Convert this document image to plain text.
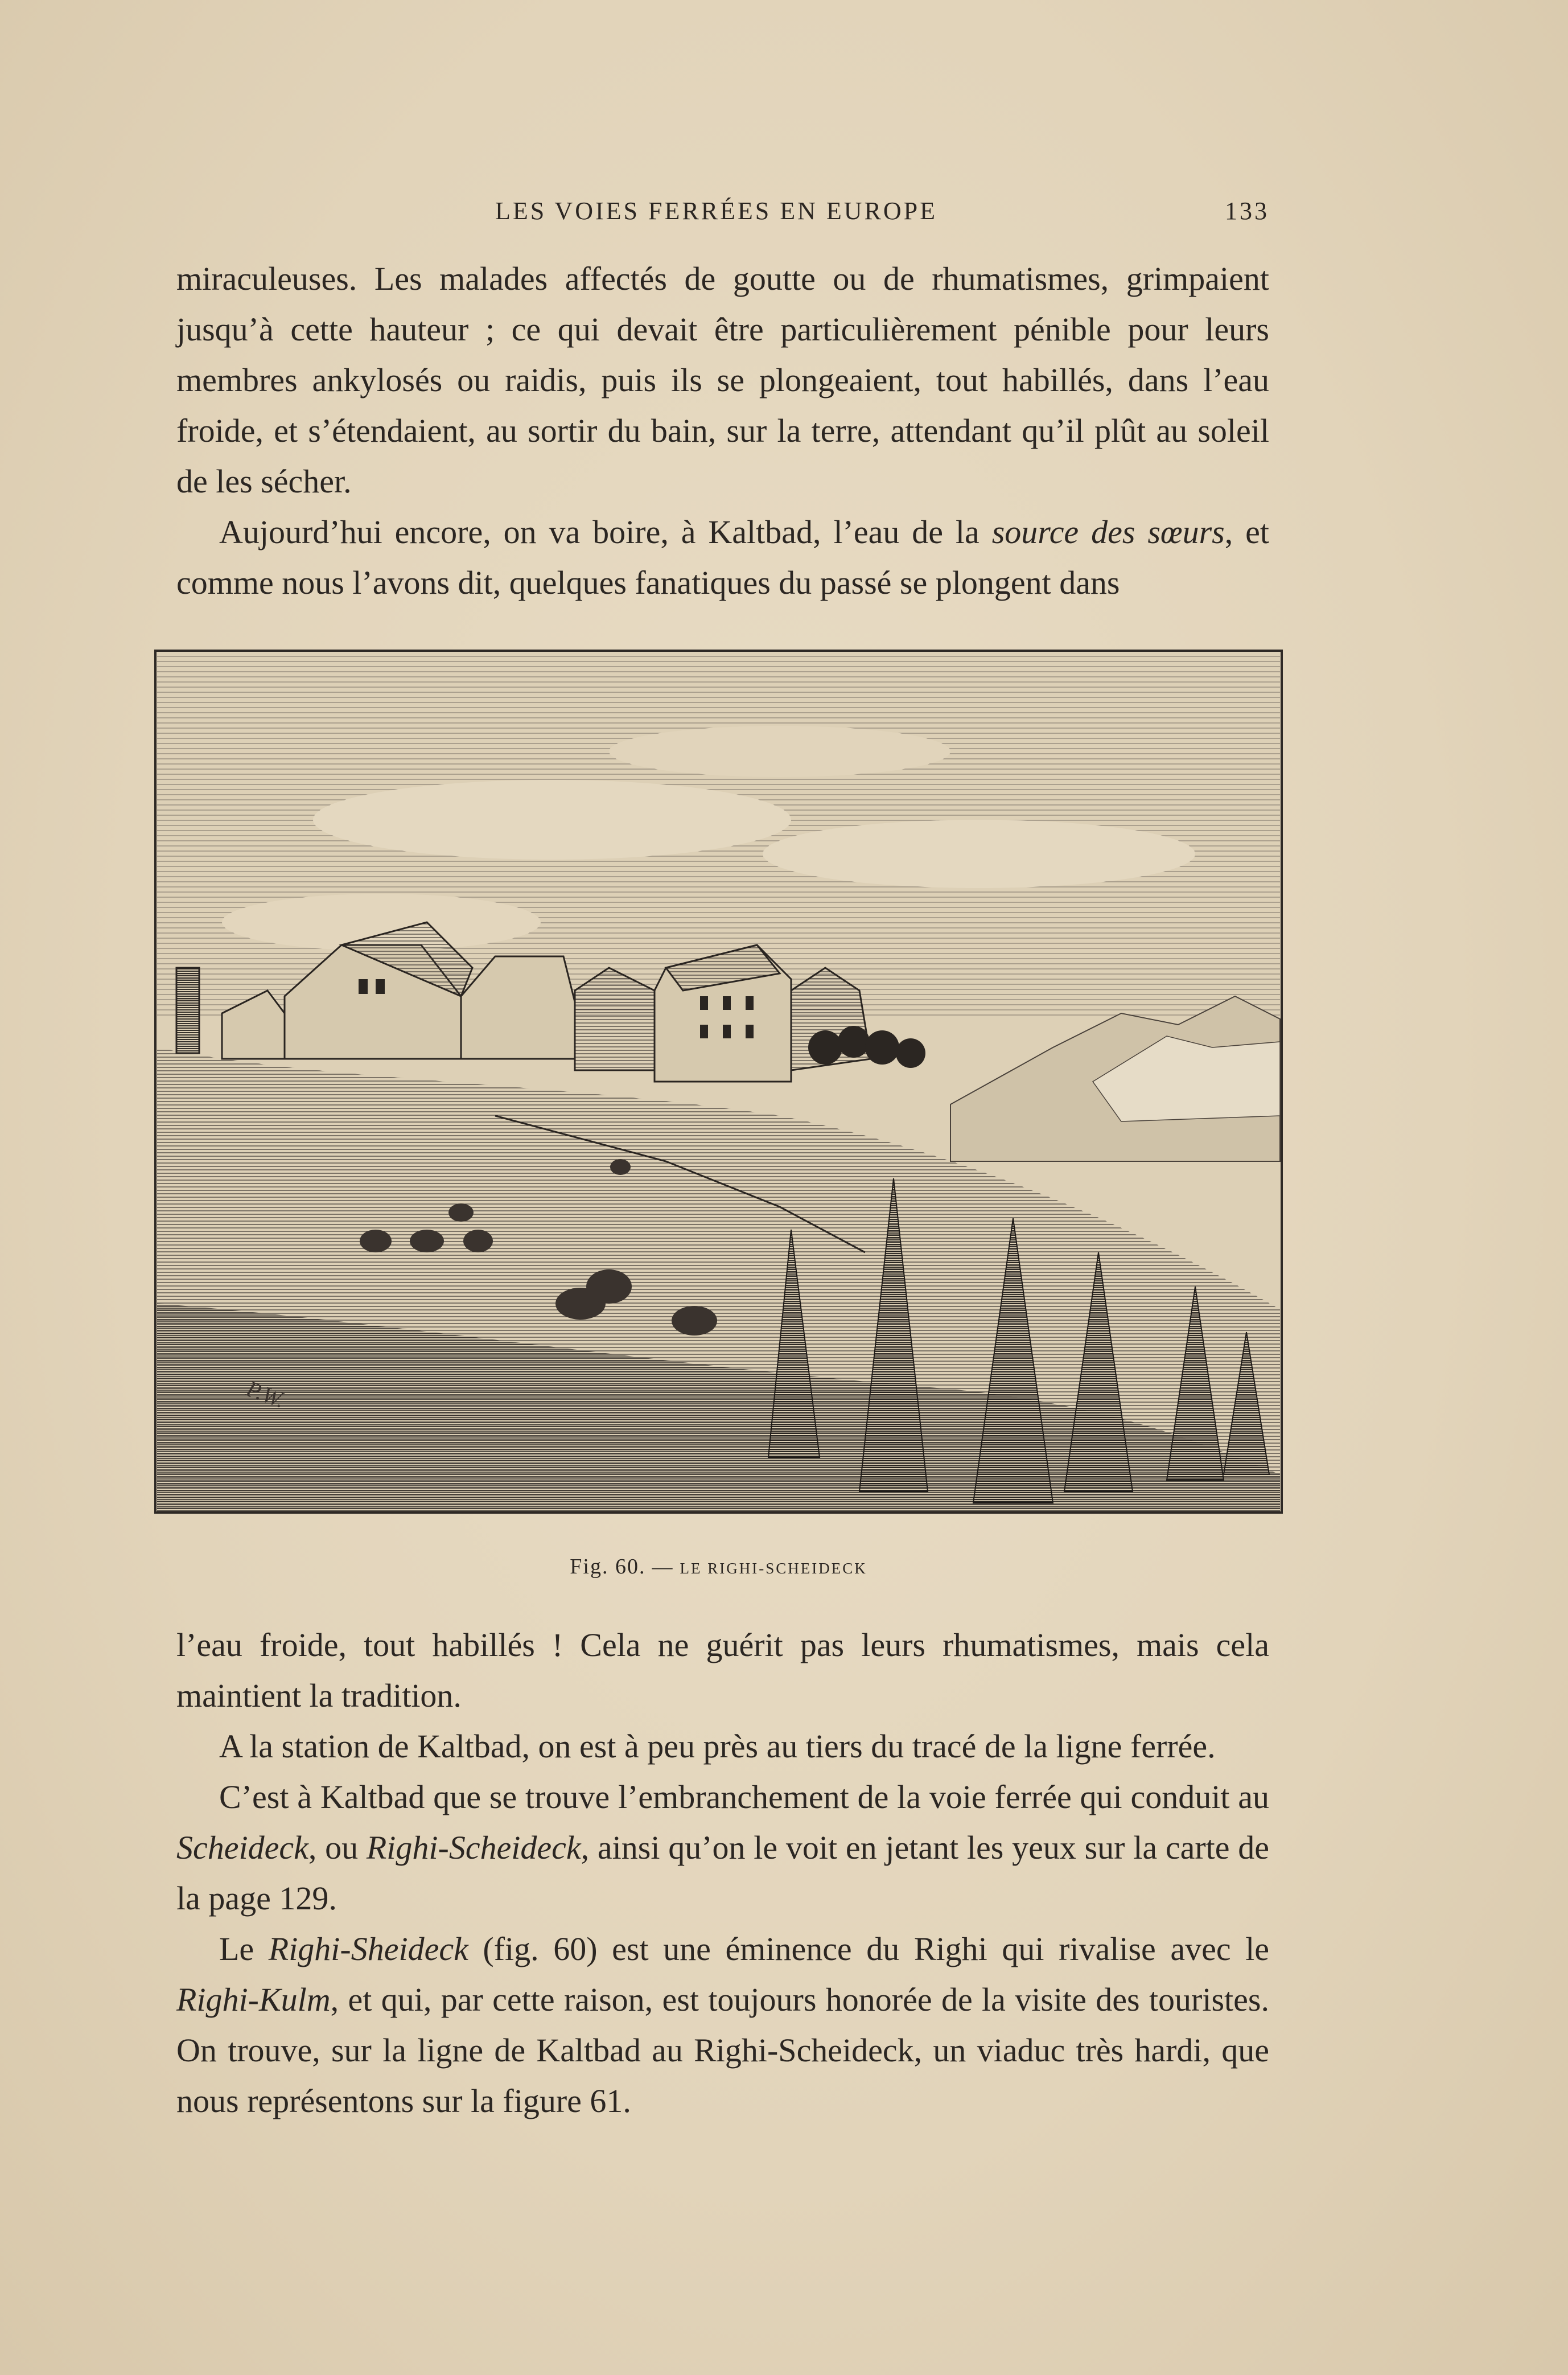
LES VOIES FERRÉES EN EUROPE	133

miraculeuses. Les malades affectés de goutte ou de rhumatismes, grimpaient jusqu’à cette hauteur ; ce qui devait être particulièrement pénible pour leurs membres ankylosés ou raidis, puis ils se plongeaient, tout habillés, dans l’eau froide, et s’étendaient, au sortir du bain, sur la terre, attendant qu’il plût au soleil de les sécher.

Aujourd’hui encore, on va boire, à Kaltbad, l’eau de la source des sœurs, et comme nous l’avons dit, quelques fanatiques du passé se plongent dans

P.W.
Fig. 60. — LE RIGHI-SCHEIDECK

l’eau froide, tout habillés ! Cela ne guérit pas leurs rhumatismes, mais cela maintient la tradition.

A la station de Kaltbad, on est à peu près au tiers du tracé de la ligne ferrée.

C’est à Kaltbad que se trouve l’embranchement de la voie ferrée qui conduit au Scheideck, ou Righi-Scheideck, ainsi qu’on le voit en jetant les yeux sur la carte de la page 129.

Le Righi-Sheideck (fig. 60) est une éminence du Righi qui rivalise avec le Righi-Kulm, et qui, par cette raison, est toujours honorée de la visite des touristes. On trouve, sur la ligne de Kaltbad au Righi-Scheideck, un viaduc très hardi, que nous représentons sur la figure 61.
